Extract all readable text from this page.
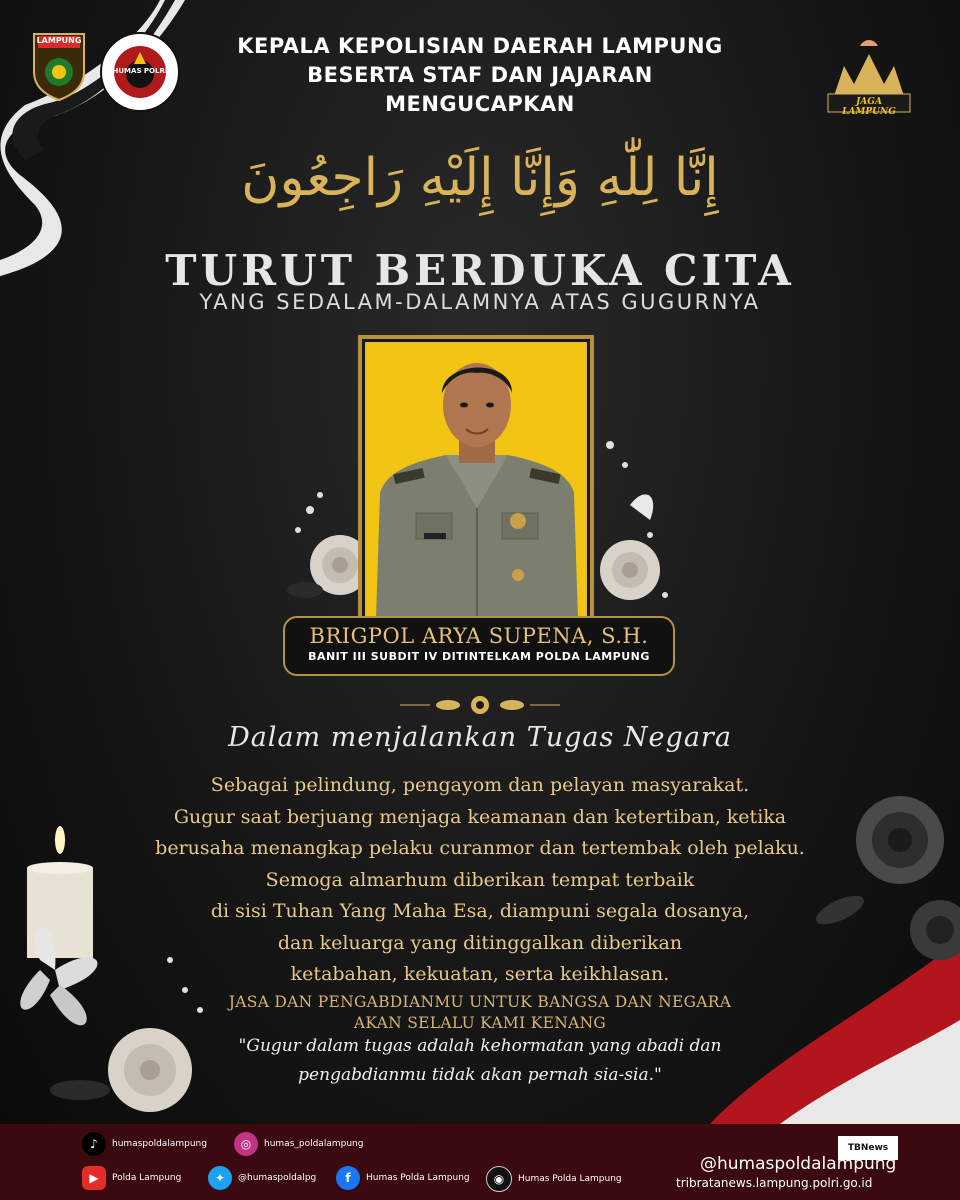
LAMPUNG
HUMAS POLRI
JAGA LAMPUNG
KEPALA KEPOLISIAN DAERAH LAMPUNG
BESERTA STAF DAN JAJARAN
MENGUCAPKAN
إِنَّا لِلّٰهِ وَإِنَّا إِلَيْهِ رَاجِعُونَ
TURUT BERDUKA CITA
YANG SEDALAM-DALAMNYA ATAS GUGURNYA
BRIGPOL ARYA SUPENA, S.H.
BANIT III SUBDIT IV DITINTELKAM POLDA LAMPUNG
Dalam menjalankan Tugas Negara
Sebagai pelindung, pengayom dan pelayan masyarakat.
Gugur saat berjuang menjaga keamanan dan ketertiban, ketika
berusaha menangkap pelaku curanmor dan tertembak oleh pelaku.
Semoga almarhum diberikan tempat terbaik
di sisi Tuhan Yang Maha Esa, diampuni segala dosanya,
dan keluarga yang ditinggalkan diberikan
ketabahan, kekuatan, serta keikhlasan.
JASA DAN PENGABDIANMU UNTUK BANGSA DAN NEGARA
AKAN SELALU KAMI KENANG
"Gugur dalam tugas adalah kehormatan yang abadi dan
pengabdianmu tidak akan pernah sia-sia."
♪	humaspoldalampung	◎	humas_poldalampung
▶	Polda Lampung	✦	@humaspoldalpg	f	Humas Polda Lampung	◉	Humas Polda Lampung
TBNews
@humaspoldalampung
tribratanews.lampung.polri.go.id
